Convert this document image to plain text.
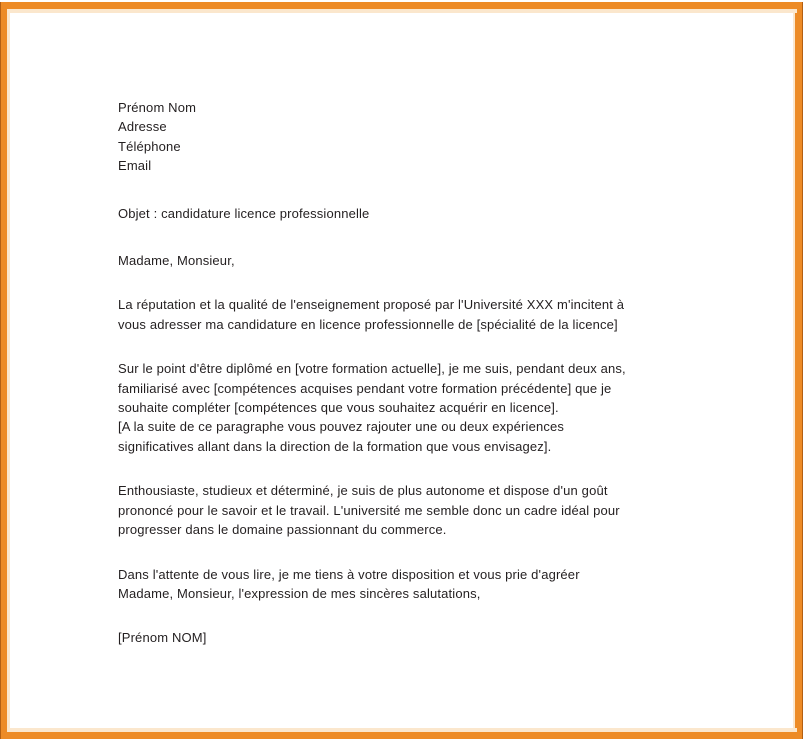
Prénom Nom
Adresse
Téléphone
Email
Objet : candidature licence professionnelle
Madame, Monsieur,
La réputation et la qualité de l'enseignement proposé par l'Université XXX m'incitent à
vous adresser ma candidature en licence professionnelle de [spécialité de la licence]
Sur le point d'être diplômé en [votre formation actuelle], je me suis, pendant deux ans,
familiarisé avec [compétences acquises pendant votre formation précédente] que je
souhaite compléter [compétences que vous souhaitez acquérir en licence].
[A la suite de ce paragraphe vous pouvez rajouter une ou deux expériences
significatives allant dans la direction de la formation que vous envisagez].
Enthousiaste, studieux et déterminé, je suis de plus autonome et dispose d'un goût
prononcé pour le savoir et le travail. L'université me semble donc un cadre idéal pour
progresser dans le domaine passionnant du commerce.
Dans l'attente de vous lire, je me tiens à votre disposition et vous prie d'agréer
Madame, Monsieur, l'expression de mes sincères salutations,
[Prénom NOM]
